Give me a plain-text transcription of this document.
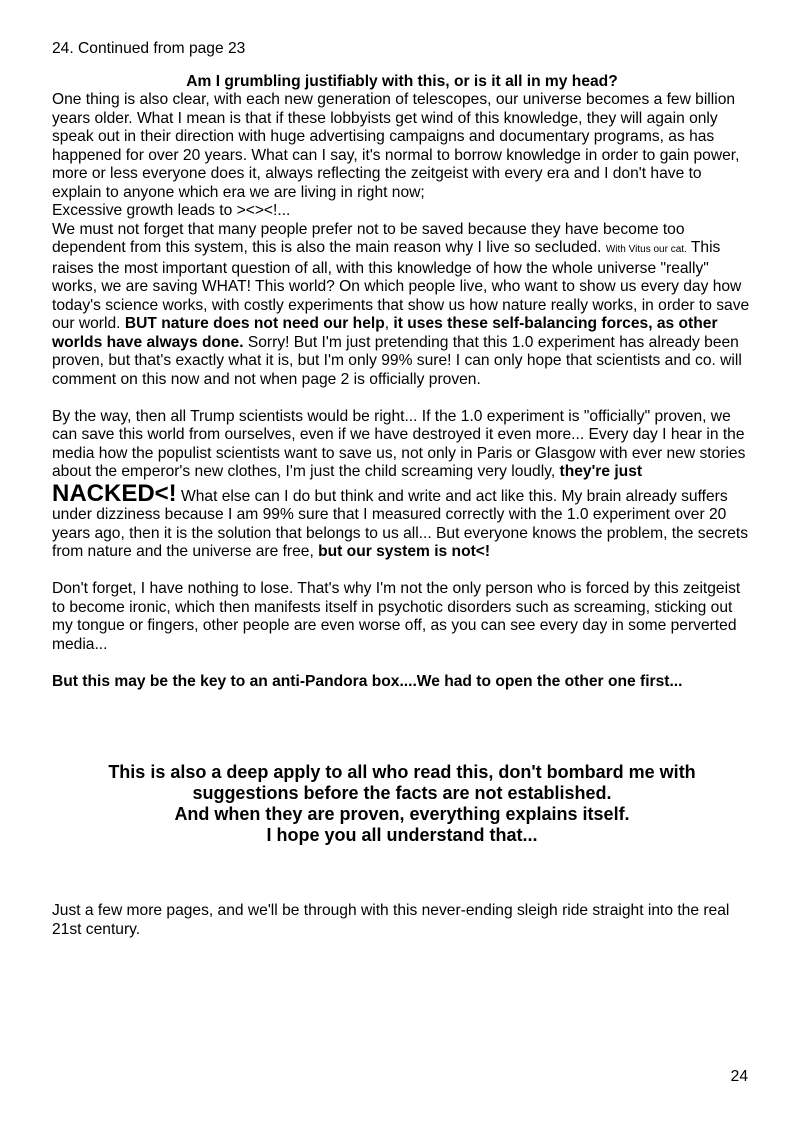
24. Continued from page 23

Am I grumbling justifiably with this, or is it all in my head?

One thing is also clear, with each new generation of telescopes, our universe becomes a few billion years older. What I mean is that if these lobbyists get wind of this knowledge, they will again only speak out in their direction with huge advertising campaigns and documentary programs, as has happened for over 20 years. What can I say, it's normal to borrow knowledge in order to gain power, more or less everyone does it, always reflecting the zeitgeist with every era and I don't have to explain to anyone which era we are living in right now;
Excessive growth leads to ><><!...
We must not forget that many people prefer not to be saved because they have become too dependent from this system, this is also the main reason why I live so secluded. With Vitus our cat. This raises the most important question of all, with this knowledge of how the whole universe "really" works, we are saving WHAT! This world? On which people live, who want to show us every day how today's science works, with costly experiments that show us how nature really works, in order to save our world. BUT nature does not need our help, it uses these self-balancing forces, as other worlds have always done. Sorry! But I'm just pretending that this 1.0 experiment has already been proven, but that's exactly what it is, but I'm only 99% sure! I can only hope that scientists and co. will comment on this now and not when page 2 is officially proven.

By the way, then all Trump scientists would be right... If the 1.0 experiment is "officially" proven, we can save this world from ourselves, even if we have destroyed it even more... Every day I hear in the media how the populist scientists want to save us, not only in Paris or Glasgow with ever new stories about the emperor's new clothes, I'm just the child screaming very loudly, they're just
NACKED<! What else can I do but think and write and act like this. My brain already suffers under dizziness because I am 99% sure that I measured correctly with the 1.0 experiment over 20 years ago, then it is the solution that belongs to us all... But everyone knows the problem, the secrets from nature and the universe are free, but our system is not<!

Don't forget, I have nothing to lose. That's why I'm not the only person who is forced by this zeitgeist to become ironic, which then manifests itself in psychotic disorders such as screaming, sticking out my tongue or fingers, other people are even worse off, as you can see every day in some perverted media...

But this may be the key to an anti-Pandora box....We had to open the other one first...

This is also a deep apply to all who read this, don't bombard me with
suggestions before the facts are not established.
And when they are proven, everything explains itself.
I hope you all understand that...

Just a few more pages, and we'll be through with this never-ending sleigh ride straight into the real 21st century.

24
